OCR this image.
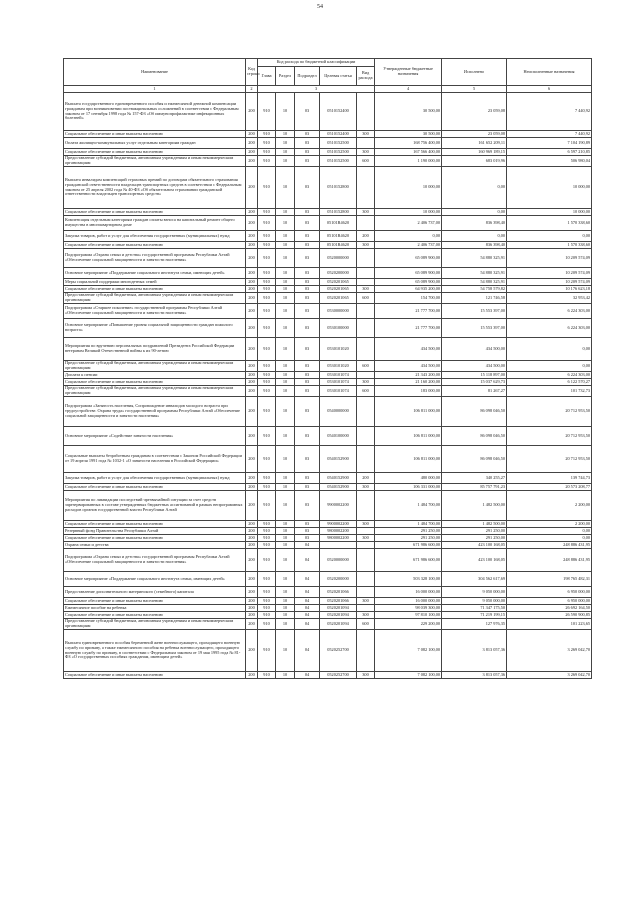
54
Наименование	Код строки	Код расхода по бюджетной классификации					Утвержденные бюджетные назначения	Исполнено	Неисполненные назначения
		Глава	Раздел	Подраздел	Целевая статья	Вид расхода			
1	2	3					4	5	6
Выплата государственного единовременного пособия и ежемесячной денежной компенсации гражданам при возникновении поствакцинальных осложнений в соответствии с Федеральным законом от 17 сентября 1998 года № 157-ФЗ «Об иммунопрофилактике инфекционных болезней»	200	910	10	03	0510152400		30 500,00	23 059,08	7 440,92
Социальное обеспечение и иные выплаты населению	200	910	10	03	0510152400	300	30 500,00	23 059,08	7 440,92
Оплата жилищно-коммунальных услуг отдельным категориям граждан	200	910	10	03	0510152500		168 756 400,00	161 652 209,11	7 104 190,89
Социальное обеспечение и иные выплаты населению	200	910	10	03	0510152500	300	167 566 400,00	160 969 189,15	6 597 210,85
Предоставление субсидий бюджетным, автономным учреждениям и иным некоммерческим организациям	200	910	10	03	0510152500	600	1 190 000,00	683 019,96	506 980,04
Выплата инвалидам компенсаций страховых премий по договорам обязательного страхования гражданской ответственности владельцев транспортных средств в соответствии с Федеральным законом от 25 апреля 2002 года № 40-ФЗ «Об обязательном страховании гражданской ответственности владельцев транспортных средств»	200	910	10	03	0510152800		10 000,00	0,00	10 000,00
Социальное обеспечение и иные выплаты населению	200	910	10	03	0510152800	300	10 000,00	0,00	10 000,00
Компенсация отдельным категориям граждан оплаты взноса на капитальный ремонт общего имущества в многоквартирном доме	200	910	10	03	05101R4620		2 406 737,00	836 398,40	1 570 338,60
Закупка товаров, работ и услуг для обеспечения государственных (муниципальных) нужд	200	910	10	03	05101R4620	200	0,00	0,00	0,00
Социальное обеспечение и иные выплаты населению	200	910	10	03	05101R4620	300	2 406 737,00	836 398,40	1 570 338,60
Подпрограмма «Охрана семьи и детства» государственной программы Республики Алтай «Обеспечение социальной защищенности и занятости населения»	200	910	10	03	0520000000		65 089 900,00	54 880 325,91	10 209 574,09
Основное мероприятие «Поддержание социального институга семьи, имеющих детей»	200	910	10	03	0520200000		65 089 900,00	54 880 325,91	10 209 574,09
Меры социальной поддержки многодетных семей	200	910	10	03	0520201065		65 089 900,00	54 880 325,91	10 209 574,09
Социальное обеспечение и иные выплаты населению	200	910	10	03	0520201065	300	64 935 200,00	54 758 579,82	10 176 623,18
Предоставление субсидий бюджетным, автономным учреждениям и иным некоммерческим организациям	200	910	10	03	0520201065	600	154 700,00	121 746,58	32 953,42
Подпрограмма «Старшее поколение» государственной программы Республики Алтай «Обеспечение социальной защищенности и занятости населения»	200	910	10	03	0530000000		21 777 700,00	15 553 397,00	6 224 303,00
Основное мероприятие «Повышение уровня социальной защищенности граждан пожилого возраста»	200	910	10	03	0530100000		21 777 700,00	15 553 397,00	6 224 303,00
Мероприятия по вручению персональных поздравлений Президента Российской Федерации ветеранам Великой Отечественной войны к их 90-летию	200	910	10	03	0530101020		434 500,00	434 500,00	0,00
Предоставление субсидий бюджетным, автономным учреждениям и иным некоммерческим организациям	200	910	10	03	0530101020	600	434 500,00	434 500,00	0,00
Доплата к пенсии	200	910	10	03	0530101074		21 343 200,00	15 118 897,00	6 224 303,00
Социальное обеспечение и иные выплаты населению	200	910	10	03	0530101074	300	21 160 200,00	15 037 629,73	6 122 570,27
Предоставление субсидий бюджетным, автономным учреждениям и иным некоммерческим организациям	200	910	10	03	0530101074	600	183 000,00	81 267,27	101 732,73
Подпрограмма «Занятость населения, Сопровождение инвалидов молодого возраста при трудоустройстве. Охрана труда» государственной программы Республики Алтай «Обеспечение социальной защищенности и занятости населения»	200	910	10	03	0540000000		106 811 000,00	86 098 046,50	20 712 953,50
Основное мероприятие «Содействие занятости населения»	200	910	10	03	0540100000		106 811 000,00	86 098 046,50	20 712 953,50
Социальные выплаты безработным гражданам в соответствии с Законом Российской Федерации от 19 апреля 1991 года № 1032-1 «О занятости населения в Российской Федерации»	200	910	10	03	0540152900		106 811 000,00	86 098 046,50	20 712 953,50
Закупка товаров, работ и услуг для обеспечения государственных (муниципальных) нужд	200	910	10	03	0540152900	200	480 000,00	340 255,27	139 744,73
Социальное обеспечение и иные выплаты населению	200	910	10	03	0540152900	300	106 331 000,00	85 757 791,23	20 573 208,77
Мероприятия по ликвидации последствий чрезвычайной ситуации за счет средств зарезервированных в составе утвержденных бюджетных ассигнований в рамках непрограммных расходов органов государственной власти Республики Алтай	200	910	10	03	9900002200		1 484 700,00	1 482 500,00	2 200,00
Социальное обеспечение и иные выплаты населению	200	910	10	03	9900002200	300	1 484 700,00	1 482 500,00	2 200,00
Резервный фонд Правительства Республики Алтай	200	910	10	03	9800002200		291 250,00	291 250,00	0,00
Социальное обеспечение и иные выплаты населению	200	910	10	03	9800002200	300	291 250,00	291 250,00	0,00
Охрана семьи и детства	200	910	10	04			671 986 600,00	423 100 168,05	248 886 431,95
Подпрограмма «Охрана семьи и детства» государственной программы Республики Алтай «Обеспечение социальной защищенности и занятости населения»	200	910	10	04	0520000000		671 986 600,00	423 100 168,05	248 886 431,95
Основное мероприятие «Поддержание социального института семьи, имеющих детей»	200	910	10	04	0520200000		503 328 100,00	304 562 617,69	198 765 482,31
Предоставление дополнительного материнского (семейного) капитала	200	910	10	04	0520201066		16 000 000,00	9 050 000,00	6 950 000,00
Социальное обеспечение и иные выплаты населению	200	910	10	04	0520201066	300	16 000 000,00	9 050 000,00	6 950 000,00
Ежемесячное пособие на ребенка	200	910	10	04	0520201094		98 039 300,00	71 347 175,50	26 692 164,50
Социальное обеспечение и иные выплаты населению	200	910	10	04	0520201094	300	97 810 100,00	71 219 199,15	26 590 900,85
Предоставление субсидий бюджетным, автономным учреждениям и иным некоммерческим организациям	200	910	10	04	0520201094	600	229 200,00	127 976,35	101 223,65
Выплата единовременного пособия беременной жене военнослужащего, проходящего военную службу по призыву, а также ежемесячного пособия на ребенка военнослужащего, проходящего военную службу по призыву, в соответствии с Федеральным законом от 19 мая 1995 года № 81-ФЗ «О государственных пособиях гражданам, имеющим детей»	200	910	10	04	0520252700		7 082 100,00	3 813 057,36	3 269 042,70
Социальное обеспечение и иные выплаты населению	200	910	10	04	0520252700	300	7 082 100,00	3 813 057,36	3 269 042,70
